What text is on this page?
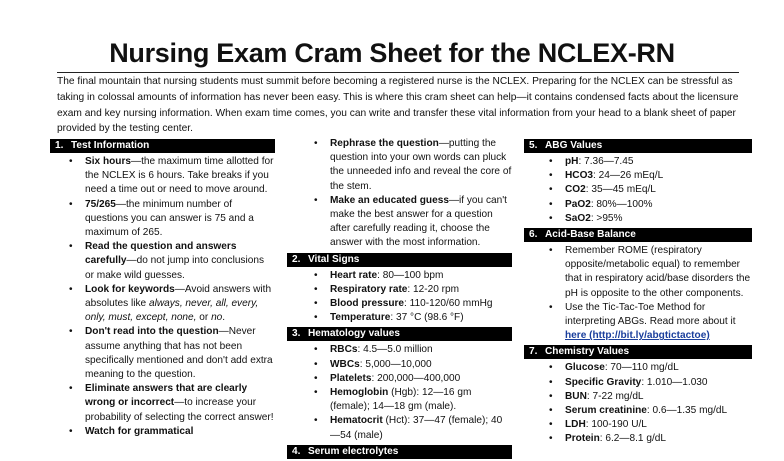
Nursing Exam Cram Sheet for the NCLEX-RN

The final mountain that nursing students must summit before becoming a registered nurse is the NCLEX. Preparing for the NCLEX can be stressful as taking in colossal amounts of information has never been easy. This is where this cram sheet can help—it contains condensed facts about the licensure exam and key nursing information. When exam time comes, you can write and transfer these vital information from your head to a blank sheet of paper provided by the testing center.

1. Test Information
• Six hours—the maximum time allotted for the NCLEX is 6 hours. Take breaks if you need a time out or need to move around.
• 75/265—the minimum number of questions you can answer is 75 and a maximum of 265.
• Read the question and answers carefully—do not jump into conclusions or make wild guesses.
• Look for keywords—Avoid answers with absolutes like always, never, all, every, only, must, except, none, or no.
• Don't read into the question—Never assume anything that has not been specifically mentioned and don't add extra meaning to the question.
• Eliminate answers that are clearly wrong or incorrect—to increase your probability of selecting the correct answer!
• Watch for grammatical
• Rephrase the question—putting the question into your own words can pluck the unneeded info and reveal the core of the stem.
• Make an educated guess—if you can't make the best answer for a question after carefully reading it, choose the answer with the most information.
2. Vital Signs
• Heart rate: 80—100 bpm
• Respiratory rate: 12-20 rpm
• Blood pressure: 110-120/60 mmHg
• Temperature: 37 °C (98.6 °F)
3. Hematology values
• RBCs: 4.5—5.0 million
• WBCs: 5,000—10,000
• Platelets: 200,000—400,000
• Hemoglobin (Hgb): 12—16 gm (female); 14—18 gm (male).
• Hematocrit (Hct): 37—47 (female); 40—54 (male)
4. Serum electrolytes
5. ABG Values
• pH: 7.36—7.45
• HCO3: 24—26 mEq/L
• CO2: 35—45 mEq/L
• PaO2: 80%—100%
• SaO2: >95%
6. Acid-Base Balance
• Remember ROME (respiratory opposite/metabolic equal) to remember that in respiratory acid/base disorders the pH is opposite to the other components.
• Use the Tic-Tac-Toe Method for interpreting ABGs. Read more about it here (http://bit.ly/abgtictactoe)
7. Chemistry Values
• Glucose: 70—110 mg/dL
• Specific Gravity: 1.010—1.030
• BUN: 7-22 mg/dL
• Serum creatinine: 0.6—1.35 mg/dL
• LDH: 100-190 U/L
• Protein: 6.2—8.1 g/dL
